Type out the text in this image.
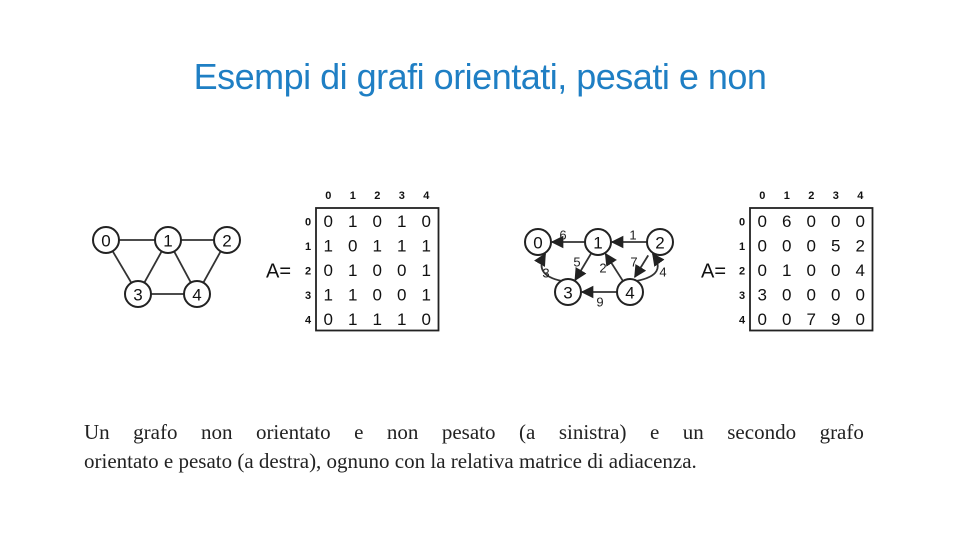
Esempi di grafi orientati, pesati e non
0	1	2
3	4
A=
0 1 2 3 4
0
1
2
3
4
0 1 0 1 0
1 0 1 1 1
0 1 0 0 1
1 1 0 0 1
0 1 1 1 0
6	1
3
5 2 7
4
9
0	1	2
3	4
A=
0 1 2 3 4
0
1
2
3
4
0 6 0 0 0
0 0 0 5 2
0 1 0 0 4
3 0 0 0 0
0 0 7 9 0
Un grafo non orientato e non pesato (a sinistra) e un secondo grafo
orientato e pesato (a destra), ognuno con la relativa matrice di adiacenza.
